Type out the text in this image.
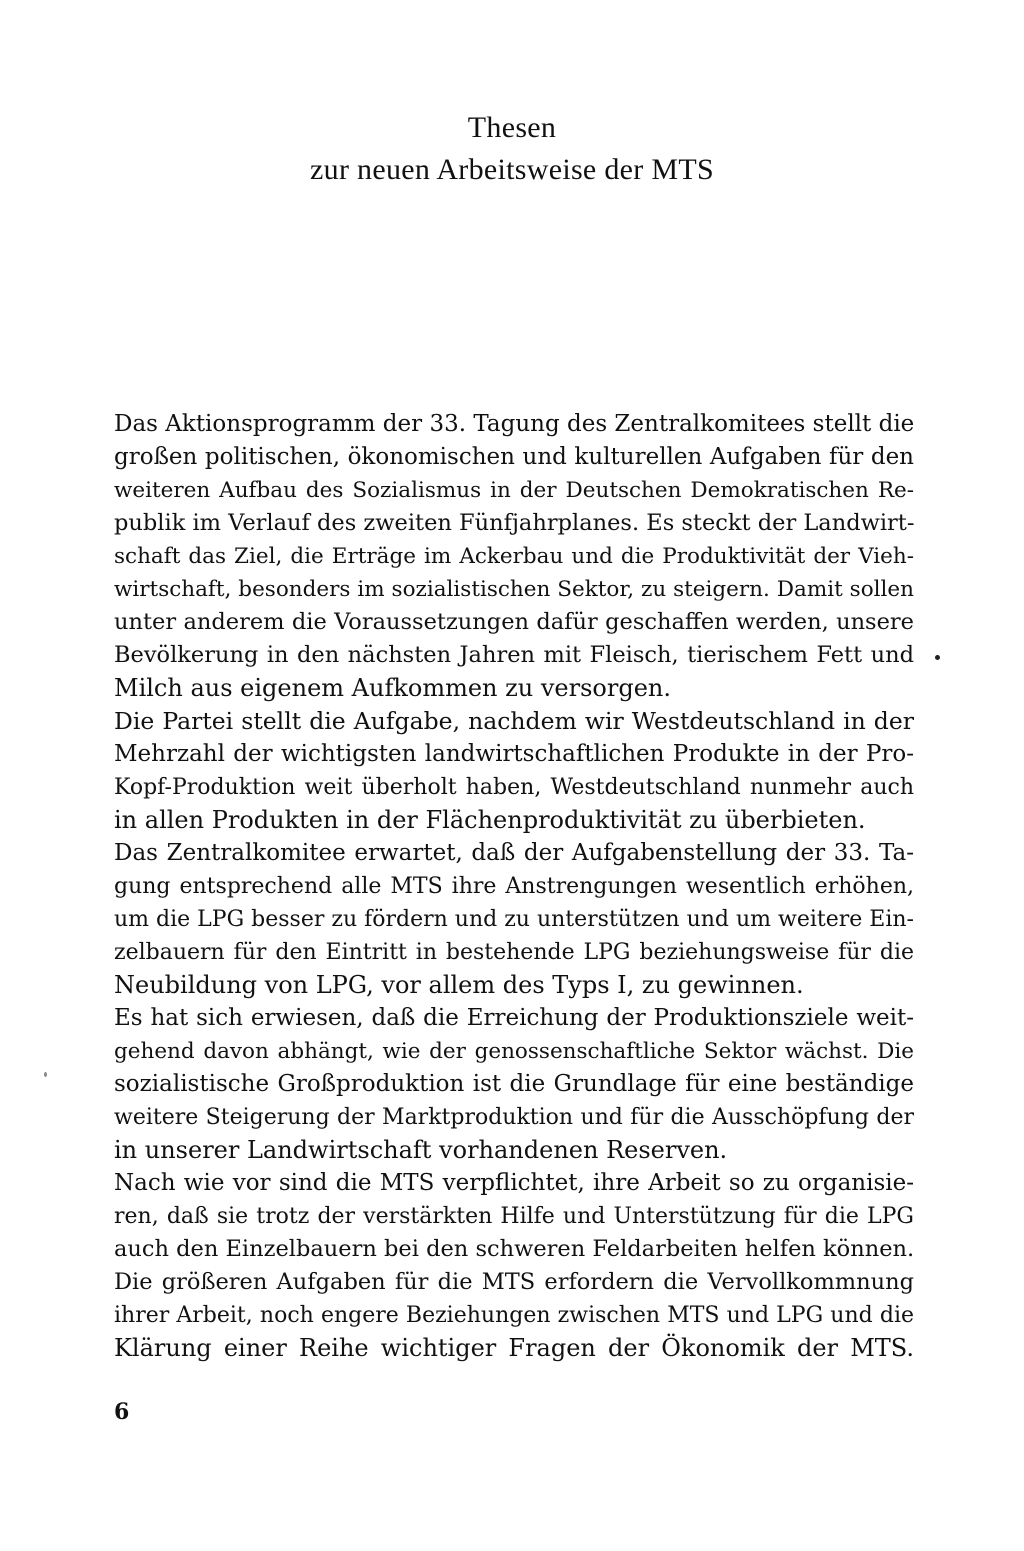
Thesen
zur neuen Arbeitsweise der MTS
Das Aktionsprogramm der 33. Tagung des Zentralkomitees stellt die
großen politischen, ökonomischen und kulturellen Aufgaben für den
weiteren Aufbau des Sozialismus in der Deutschen Demokratischen Re-
publik im Verlauf des zweiten Fünfjahrplanes. Es steckt der Landwirt-
schaft das Ziel, die Erträge im Ackerbau und die Produktivität der Vieh-
wirtschaft, besonders im sozialistischen Sektor, zu steigern. Damit sollen
unter anderem die Voraussetzungen dafür geschaffen werden, unsere
Bevölkerung in den nächsten Jahren mit Fleisch, tierischem Fett und
Milch aus eigenem Aufkommen zu versorgen.
Die Partei stellt die Aufgabe, nachdem wir Westdeutschland in der
Mehrzahl der wichtigsten landwirtschaftlichen Produkte in der Pro-
Kopf-Produktion weit überholt haben, Westdeutschland nunmehr auch
in allen Produkten in der Flächenproduktivität zu überbieten.
Das Zentralkomitee erwartet, daß der Aufgabenstellung der 33. Ta-
gung entsprechend alle MTS ihre Anstrengungen wesentlich erhöhen,
um die LPG besser zu fördern und zu unterstützen und um weitere Ein-
zelbauern für den Eintritt in bestehende LPG beziehungsweise für die
Neubildung von LPG, vor allem des Typs I, zu gewinnen.
Es hat sich erwiesen, daß die Erreichung der Produktionsziele weit-
gehend davon abhängt, wie der genossenschaftliche Sektor wächst. Die
sozialistische Großproduktion ist die Grundlage für eine beständige
weitere Steigerung der Marktproduktion und für die Ausschöpfung der
in unserer Landwirtschaft vorhandenen Reserven.
Nach wie vor sind die MTS verpflichtet, ihre Arbeit so zu organisie-
ren, daß sie trotz der verstärkten Hilfe und Unterstützung für die LPG
auch den Einzelbauern bei den schweren Feldarbeiten helfen können.
Die größeren Aufgaben für die MTS erfordern die Vervollkommnung
ihrer Arbeit, noch engere Beziehungen zwischen MTS und LPG und die
Klärung einer Reihe wichtiger Fragen der Ökonomik der MTS.
6
